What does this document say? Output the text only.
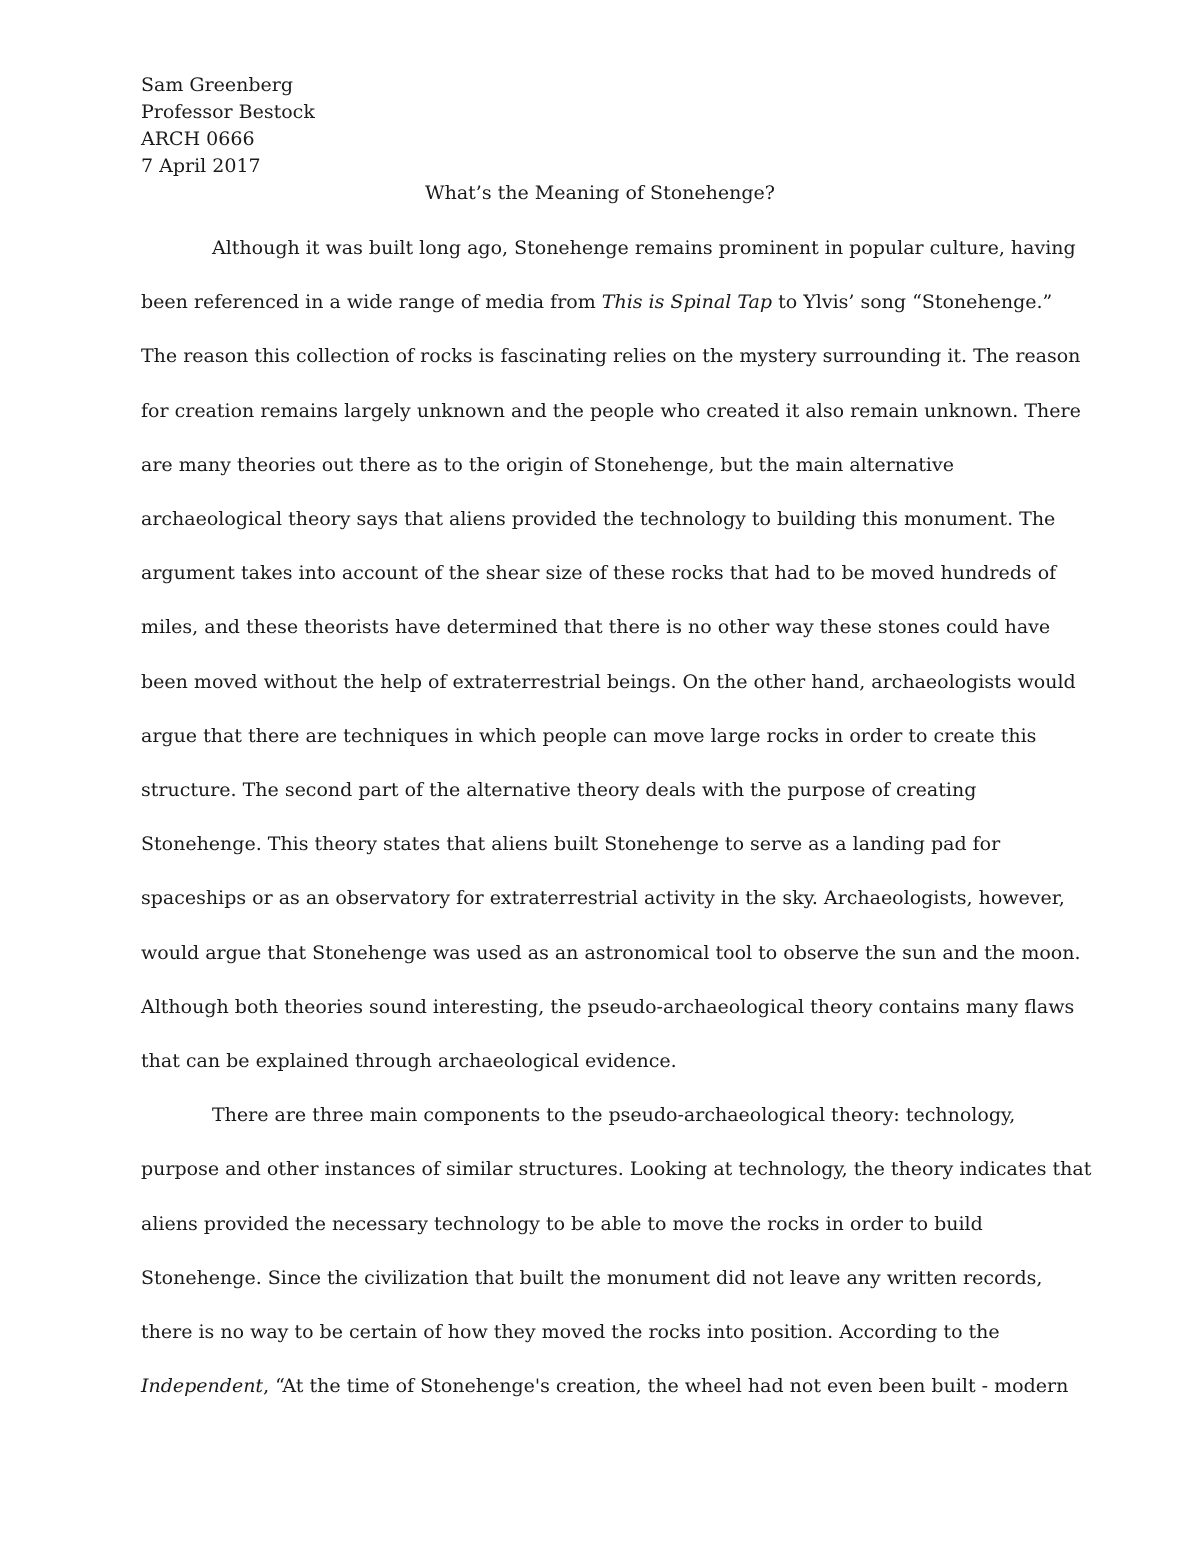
Sam Greenberg
Professor Bestock
ARCH 0666
7 April 2017
What’s the Meaning of Stonehenge?
Although it was built long ago, Stonehenge remains prominent in popular culture, having
been referenced in a wide range of media from This is Spinal Tap to Ylvis’ song “Stonehenge.”
The reason this collection of rocks is fascinating relies on the mystery surrounding it. The reason
for creation remains largely unknown and the people who created it also remain unknown. There
are many theories out there as to the origin of Stonehenge, but the main alternative
archaeological theory says that aliens provided the technology to building this monument. The
argument takes into account of the shear size of these rocks that had to be moved hundreds of
miles, and these theorists have determined that there is no other way these stones could have
been moved without the help of extraterrestrial beings. On the other hand, archaeologists would
argue that there are techniques in which people can move large rocks in order to create this
structure. The second part of the alternative theory deals with the purpose of creating
Stonehenge. This theory states that aliens built Stonehenge to serve as a landing pad for
spaceships or as an observatory for extraterrestrial activity in the sky. Archaeologists, however,
would argue that Stonehenge was used as an astronomical tool to observe the sun and the moon.
Although both theories sound interesting, the pseudo-archaeological theory contains many flaws
that can be explained through archaeological evidence.
There are three main components to the pseudo-archaeological theory: technology,
purpose and other instances of similar structures. Looking at technology, the theory indicates that
aliens provided the necessary technology to be able to move the rocks in order to build
Stonehenge. Since the civilization that built the monument did not leave any written records,
there is no way to be certain of how they moved the rocks into position. According to the
Independent, “At the time of Stonehenge's creation, the wheel had not even been built - modern
